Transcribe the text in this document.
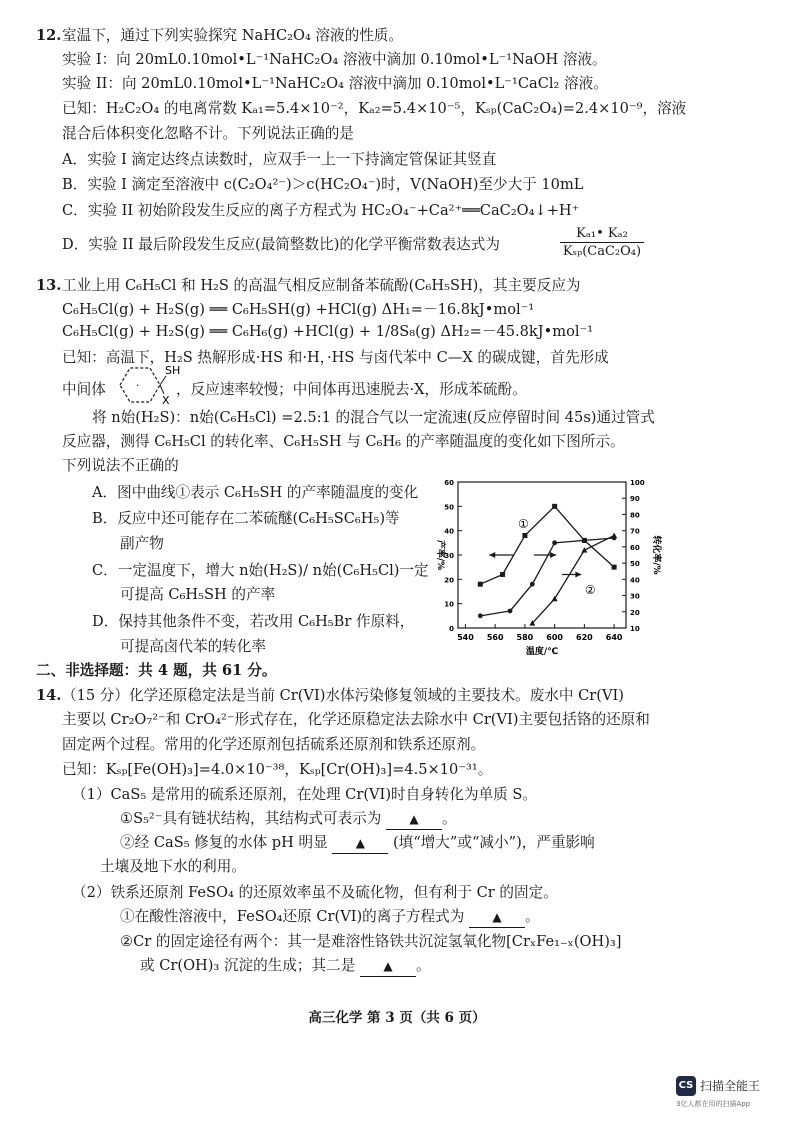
12. 室温下，通过下列实验探究 NaHC₂O₄ 溶液的性质。
实验 I：向 20mL0.10mol•L⁻¹NaHC₂O₄ 溶液中滴加 0.10mol•L⁻¹NaOH 溶液。
实验 II：向 20mL0.10mol•L⁻¹NaHC₂O₄ 溶液中滴加 0.10mol•L⁻¹CaCl₂ 溶液。
已知：H₂C₂O₄ 的电离常数 Kₐ₁=5.4×10⁻²，Kₐ₂=5.4×10⁻⁵，Kₛₚ(CaC₂O₄)=2.4×10⁻⁹，溶液
混合后体积变化忽略不计。下列说法正确的是
A．实验 I 滴定达终点读数时，应双手一上一下持滴定管保证其竖直
B．实验 I 滴定至溶液中 c(C₂O₄²⁻)＞c(HC₂O₄⁻)时，V(NaOH)至少大于 10mL
C．实验 II 初始阶段发生反应的离子方程式为 HC₂O₄⁻+Ca²⁺══CaC₂O₄↓+H⁺
D．实验 II 最后阶段发生反应(最简整数比)的化学平衡常数表达式为
Kₐ₁• Kₐ₂
Kₛₚ(CaC₂O₄)
13. 工业上用 C₆H₅Cl 和 H₂S 的高温气相反应制备苯硫酚(C₆H₅SH)，其主要反应为
C₆H₅Cl(g) + H₂S(g) ══ C₆H₅SH(g) +HCl(g) ΔH₁=－16.8kJ•mol⁻¹
C₆H₅Cl(g) + H₂S(g) ══ C₆H₆(g) +HCl(g) + 1/8S₈(g) ΔH₂=－45.8kJ•mol⁻¹
已知：高温下，H₂S 热解形成·HS 和·H，·HS 与卤代苯中 C—X 的碳成键，首先形成
中间体	·
SH
X
，反应速率较慢；中间体再迅速脱去·X，形成苯硫酚。
将 n始(H₂S)：n始(C₆H₅Cl) =2.5:1 的混合气以一定流速(反应停留时间 45s)通过管式
反应器，测得 C₆H₅Cl 的转化率、C₆H₅SH 与 C₆H₆ 的产率随温度的变化如下图所示。
下列说法不正确的
A．图中曲线①表示 C₆H₅SH 的产率随温度的变化
B．反应中还可能存在二苯硫醚(C₆H₅SC₆H₅)等
副产物
C．一定温度下，增大 n始(H₂S)/ n始(C₆H₅Cl)一定
可提高 C₆H₅SH 的产率
D．保持其他条件不变，若改用 C₆H₅Br 作原料，
可提高卤代苯的转化率
540 560 580 600 620 640
0
10
20
30
40
50
60
10
20
30
40
50
60
70
80
90
100
温度/℃
产率/%	转化率/%
①
②
二、非选择题：共 4 题，共 61 分。
14. （15 分）化学还原稳定法是当前 Cr(VI)水体污染修复领域的主要技术。废水中 Cr(VI)
主要以 Cr₂O₇²⁻和 CrO₄²⁻形式存在，化学还原稳定法去除水中 Cr(VI)主要包括铬的还原和
固定两个过程。常用的化学还原剂包括硫系还原剂和铁系还原剂。
已知：Kₛₚ[Fe(OH)₃]=4.0×10⁻³⁸，Kₛₚ[Cr(OH)₃]=4.5×10⁻³¹。
（1）CaS₅ 是常用的硫系还原剂，在处理 Cr(VI)时自身转化为单质 S。
①S₅²⁻具有链状结构，其结构式可表示为 ▲ 。
②经 CaS₅ 修复的水体 pH 明显 ▲ (填“增大”或“减小”)，严重影响
土壤及地下水的利用。
（2）铁系还原剂 FeSO₄ 的还原效率虽不及硫化物，但有利于 Cr 的固定。
①在酸性溶液中，FeSO₄还原 Cr(VI)的离子方程式为 ▲ 。
②Cr 的固定途径有两个：其一是难溶性铬铁共沉淀氢氧化物[CrₓFe₁₋ₓ(OH)₃]
或 Cr(OH)₃ 沉淀的生成；其二是 ▲ 。
高三化学 第 3 页（共 6 页）
CS 扫描全能王
3亿人都在用的扫描App
